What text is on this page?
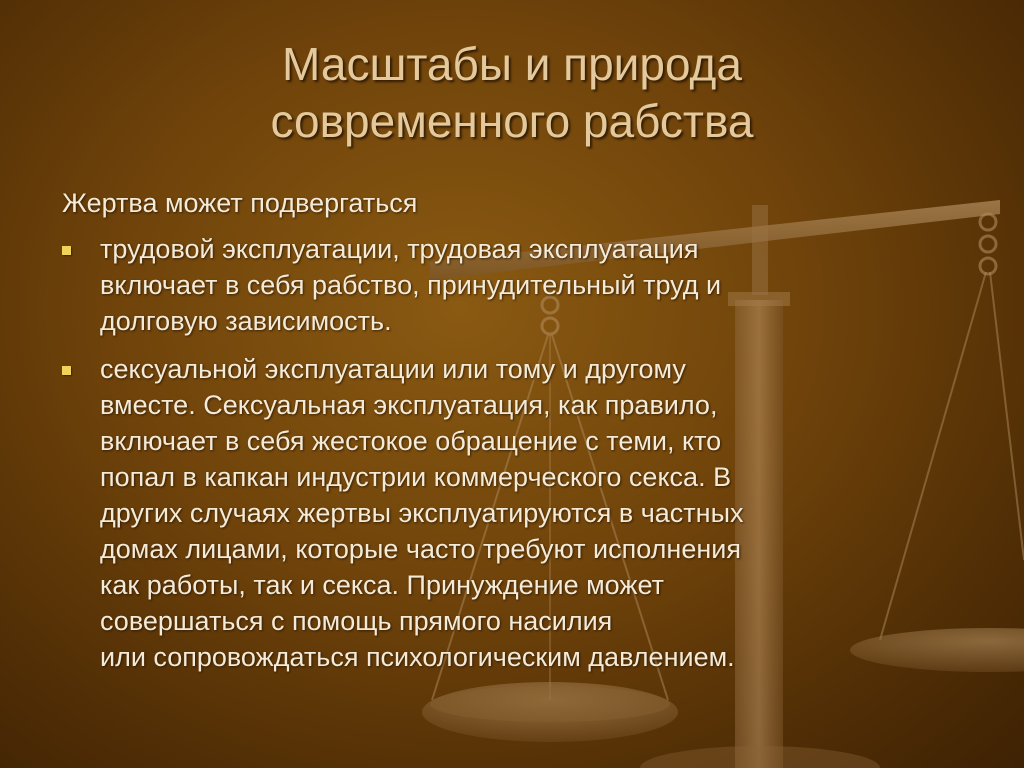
Масштабы и природа
современного рабства
Жертва может подвергаться
трудовой эксплуатации, трудовая эксплуатация
включает в себя рабство, принудительный труд и
долговую зависимость.
сексуальной эксплуатации или тому и другому
вместе. Сексуальная эксплуатация, как правило,
включает в себя жестокое обращение с теми, кто
попал в капкан индустрии коммерческого секса. В
других случаях жертвы эксплуатируются в частных
домах лицами, которые часто требуют исполнения
как работы, так и секса. Принуждение может
совершаться с помощь прямого насилия
или сопровождаться психологическим давлением.
